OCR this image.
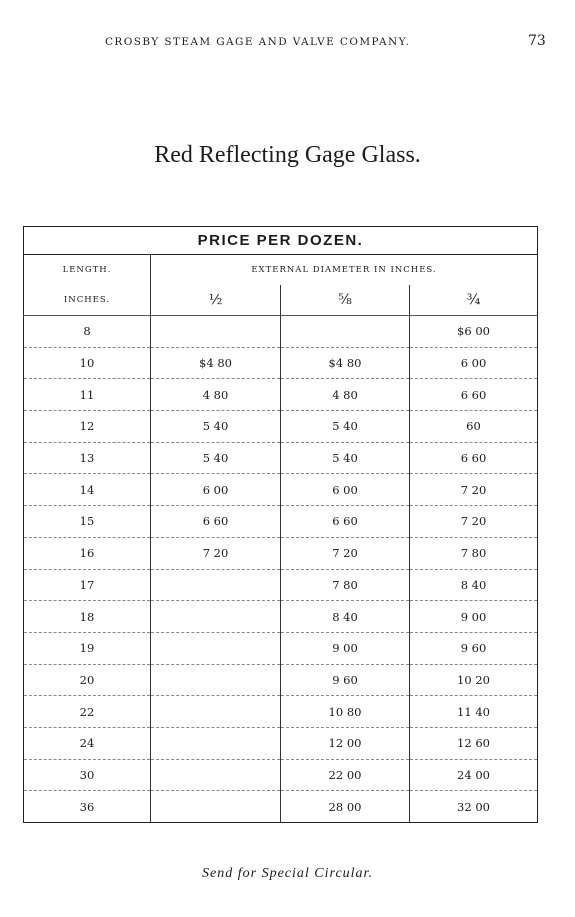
CROSBY STEAM GAGE AND VALVE COMPANY.	73
Red Reflecting Gage Glass.
PRICE PER DOZEN.			
LENGTH.	EXTERNAL DIAMETER IN INCHES.		
INCHES.	½	⅝	¾
8			$6 00
10	$4 80	$4 80	6 00
11	4 80	4 80	6 60
12	5 40	5 40	60
13	5 40	5 40	6 60
14	6 00	6 00	7 20
15	6 60	6 60	7 20
16	7 20	7 20	7 80
17		7 80	8 40
18		8 40	9 00
19		9 00	9 60
20		9 60	10 20
22		10 80	11 40
24		12 00	12 60
30		22 00	24 00
36		28 00	32 00
Send for Special Circular.
